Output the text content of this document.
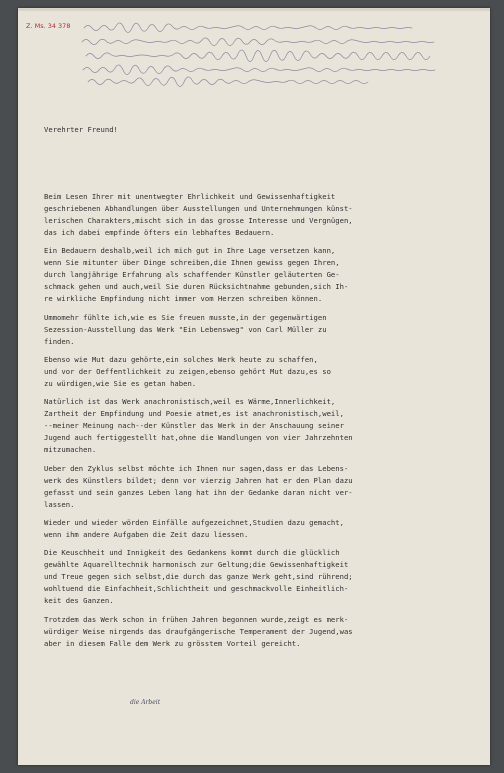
Z. Ms. 34 378

Verehrter Freund!

Beim Lesen Ihrer mit unentwegter Ehrlichkeit und Gewissenhaftigkeit
geschriebenen Abhandlungen über Ausstellungen und Unternehmungen künst-
lerischen Charakters,mischt sich in das grosse Interesse und Vergnügen,
das ich dabei empfinde öfters ein lebhaftes Bedauern.
Ein Bedauern deshalb,weil ich mich gut in Ihre Lage versetzen kann,
wenn Sie mitunter über Dinge schreiben,die Ihnen gewiss gegen Ihren,
durch langjährige Erfahrung als schaffender Künstler geläuterten Ge-
schmack gehen und auch,weil Sie duren Rücksichtnahme gebunden,sich Ih-
re wirkliche Empfindung nicht immer vom Herzen schreiben können.
Ummomehr fühlte ich,wie es Sie freuen musste,in der gegenwärtigen
Sezession-Ausstellung das Werk "Ein Lebensweg" von Carl Müller zu
finden.
Ebenso wie Mut dazu gehörte,ein solches Werk heute zu schaffen,
und vor der Oeffentlichkeit zu zeigen,ebenso gehört Mut dazu,es so
zu würdigen,wie Sie es getan haben.
Natürlich ist das Werk anachronistisch,weil es Wärme,Innerlichkeit,
Zartheit der Empfindung und Poesie atmet,es ist anachronistisch,weil,
--meiner Meinung nach--der Künstler das Werk in der Anschauung seiner
Jugend auch fertiggestellt hat,ohne die Wandlungen von vier Jahrzehnten
mitzumachen.
Ueber den Zyklus selbst möchte ich Ihnen nur sagen,dass er das Lebens-
werk des Künstlers bildet; denn vor vierzig Jahren hat er den Plan dazu
gefasst und sein ganzes Leben lang hat ihn der Gedanke daran nicht ver-
lassen.
Wieder und wieder wörden Einfälle aufgezeichnet,Studien dazu gemacht,
wenn ihm andere Aufgaben die Zeit dazu liessen.
Die Keuschheit und Innigkeit des Gedankens kommt durch die glücklich
gewählte Aquarelltechnik harmonisch zur Geltung;die Gewissenhaftigkeit
und Treue gegen sich selbst,die durch das ganze Werk geht,sind rührend;
wohltuend die Einfachheit,Schlichtheit und geschmackvolle Einheitlich-
keit des Ganzen.
Trotzdem das Werk schon in frühen Jahren begonnen wurde,zeigt es merk-
würdiger Weise nirgends das draufgängerische Temperament der Jugend,was
aber in diesem Falle dem Werk zu grösstem Vorteil gereicht.

die Arbeit
